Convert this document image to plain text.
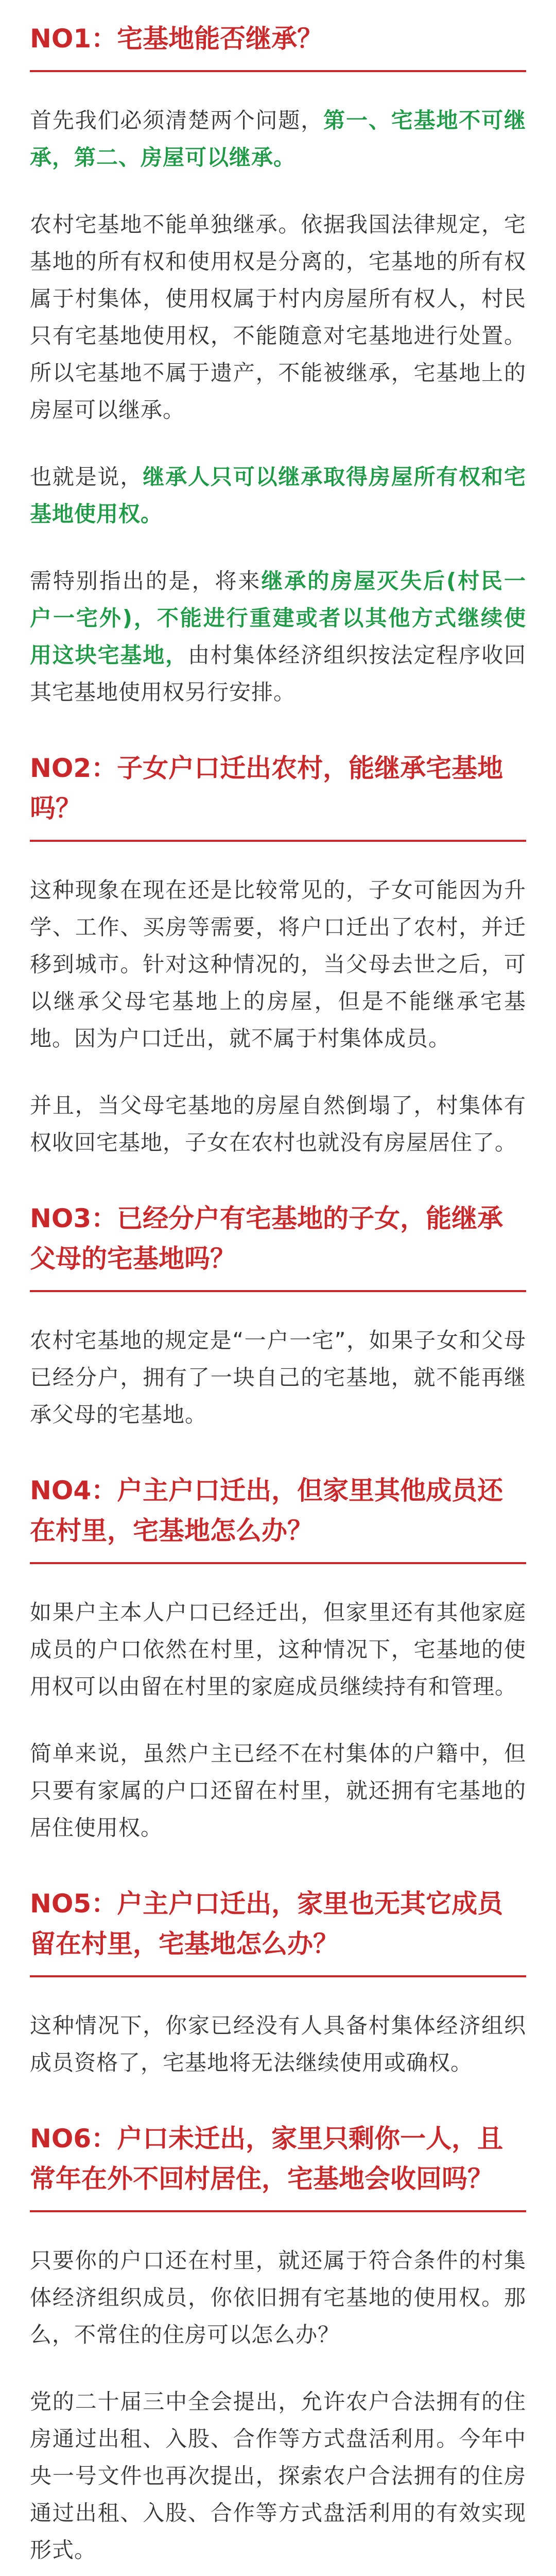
NO1：宅基地能否继承？

首先我们必须清楚两个问题，第一、宅基地不可继承，第二、房屋可以继承。

农村宅基地不能单独继承。依据我国法律规定，宅基地的所有权和使用权是分离的，宅基地的所有权属于村集体，使用权属于村内房屋所有权人，村民只有宅基地使用权，不能随意对宅基地进行处置。所以宅基地不属于遗产，不能被继承，宅基地上的房屋可以继承。

也就是说，继承人只可以继承取得房屋所有权和宅基地使用权。

需特别指出的是，将来继承的房屋灭失后(村民一户一宅外)，不能进行重建或者以其他方式继续使用这块宅基地，由村集体经济组织按法定程序收回其宅基地使用权另行安排。

NO2：子女户口迁出农村，能继承宅基地吗？

这种现象在现在还是比较常见的，子女可能因为升学、工作、买房等需要，将户口迁出了农村，并迁移到城市。针对这种情况的，当父母去世之后，可以继承父母宅基地上的房屋，但是不能继承宅基地。因为户口迁出，就不属于村集体成员。

并且，当父母宅基地的房屋自然倒塌了，村集体有权收回宅基地，子女在农村也就没有房屋居住了。

NO3：已经分户有宅基地的子女，能继承父母的宅基地吗？

农村宅基地的规定是“一户一宅”，如果子女和父母已经分户，拥有了一块自己的宅基地，就不能再继承父母的宅基地。

NO4：户主户口迁出，但家里其他成员还在村里，宅基地怎么办？

如果户主本人户口已经迁出，但家里还有其他家庭成员的户口依然在村里，这种情况下，宅基地的使用权可以由留在村里的家庭成员继续持有和管理。

简单来说，虽然户主已经不在村集体的户籍中，但只要有家属的户口还留在村里，就还拥有宅基地的居住使用权。

NO5：户主户口迁出，家里也无其它成员留在村里，宅基地怎么办？

这种情况下，你家已经没有人具备村集体经济组织成员资格了，宅基地将无法继续使用或确权。

NO6：户口未迁出，家里只剩你一人，且常年在外不回村居住，宅基地会收回吗？

只要你的户口还在村里，就还属于符合条件的村集体经济组织成员，你依旧拥有宅基地的使用权。那么，不常住的住房可以怎么办？

党的二十届三中全会提出，允许农户合法拥有的住房通过出租、入股、合作等方式盘活利用。今年中央一号文件也再次提出，探索农户合法拥有的住房通过出租、入股、合作等方式盘活利用的有效实现形式。
